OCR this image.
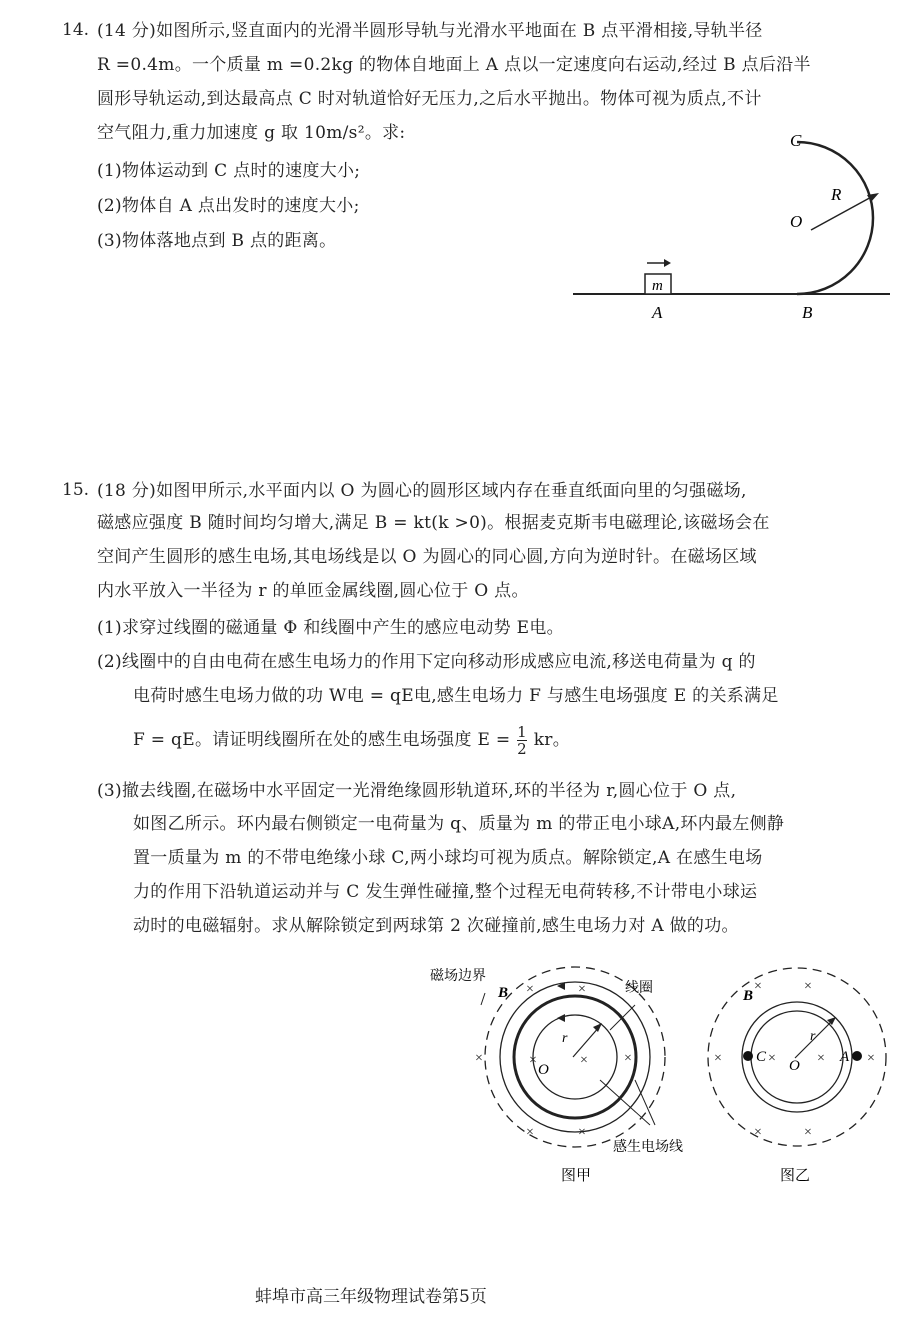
14. (14 分)如图所示,竖直面内的光滑半圆形导轨与光滑水平地面在 B 点平滑相接,导轨半径
R =0.4m。一个质量 m =0.2kg 的物体自地面上 A 点以一定速度向右运动,经过 B 点后沿半
圆形导轨运动,到达最高点 C 时对轨道恰好无压力,之后水平抛出。物体可视为质点,不计
空气阻力,重力加速度 g 取 10m/s²。求:
(1)物体运动到 C 点时的速度大小;
(2)物体自 A 点出发时的速度大小;
(3)物体落地点到 B 点的距离。
C
R
O
m
A	B
15. (18 分)如图甲所示,水平面内以 O 为圆心的圆形区域内存在垂直纸面向里的匀强磁场,
磁感应强度 B 随时间均匀增大,满足 B = kt(k >0)。根据麦克斯韦电磁理论,该磁场会在
空间产生圆形的感生电场,其电场线是以 O 为圆心的同心圆,方向为逆时针。在磁场区域
内水平放入一半径为 r 的单匝金属线圈,圆心位于 O 点。
(1)求穿过线圈的磁通量 Φ 和线圈中产生的感应电动势 E电。
(2)线圈中的自由电荷在感生电场力的作用下定向移动形成感应电流,移送电荷量为 q 的
电荷时感生电场力做的功 W电 = qE电,感生电场力 F 与感生电场强度 E 的关系满足
F = qE。请证明线圈所在处的感生电场强度 $E = \frac{1}{2}$ kr。
(3)撤去线圈,在磁场中水平固定一光滑绝缘圆形轨道环,环的半径为 r,圆心位于 O 点,
如图乙所示。环内最右侧锁定一电荷量为 q、质量为 m 的带正电小球A,环内最左侧静
置一质量为 m 的不带电绝缘小球 C,两小球均可视为质点。解除锁定,A 在感生电场
力的作用下沿轨道运动并与 C 发生弹性碰撞,整个过程无电荷转移,不计带电小球运
动时的电磁辐射。求从解除锁定到两球第 2 次碰撞前,感生电场力对 A 做的功。
×	×
×	×
×	×
×	×
磁场边界
线圈
感生电场线
B
r
O
图甲
×	×	×	×
×	×
×	×
B
r
O
C	A
图乙
蚌埠市高三年级物理试卷第5页
